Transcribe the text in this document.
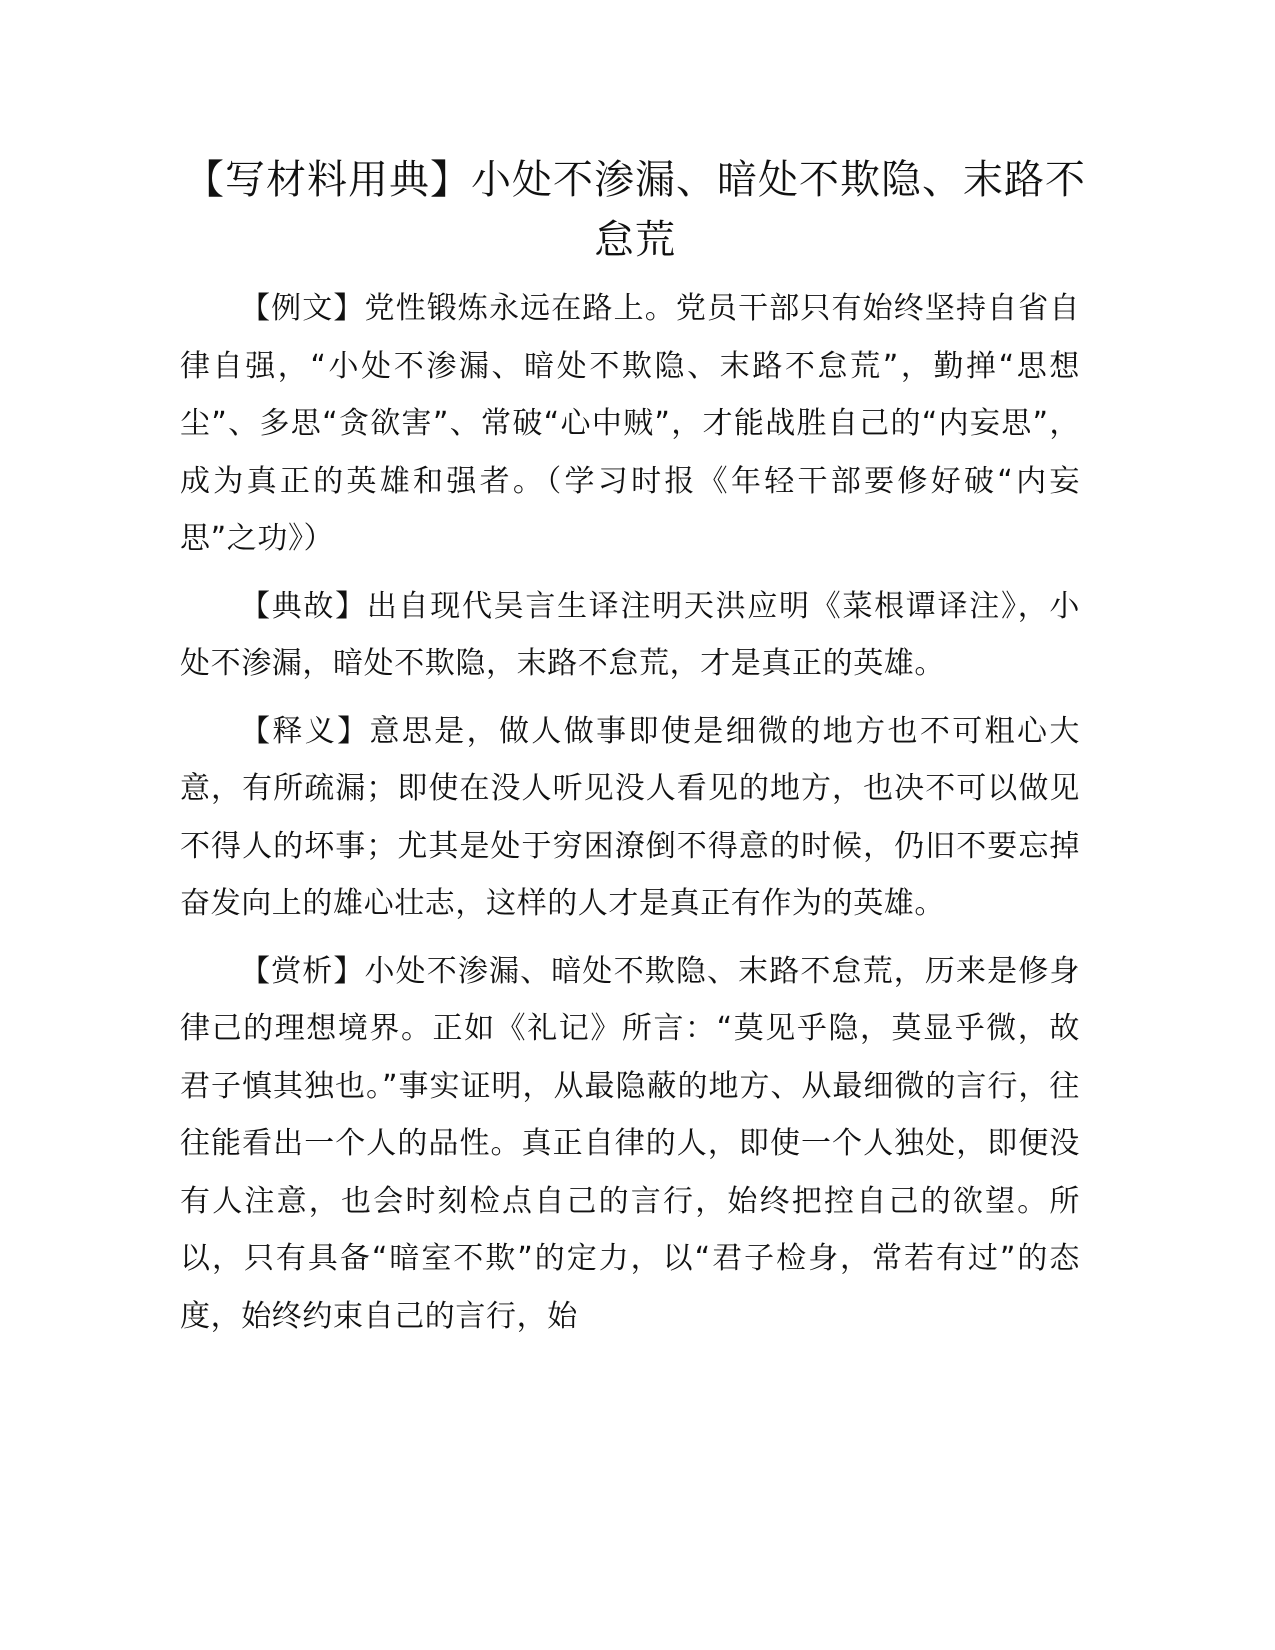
【写材料用典】小处不渗漏、暗处不欺隐、末路不怠荒

【例文】党性锻炼永远在路上。党员干部只有始终坚持自省自律自强，“小处不渗漏、暗处不欺隐、末路不怠荒”，勤掸“思想尘”、多思“贪欲害”、常破“心中贼”，才能战胜自己的“内妄思”，成为真正的英雄和强者。（学习时报《年轻干部要修好破“内妄思”之功》）

【典故】出自现代吴言生译注明天洪应明《菜根谭译注》，小处不渗漏，暗处不欺隐，末路不怠荒，才是真正的英雄。

【释义】意思是，做人做事即使是细微的地方也不可粗心大意，有所疏漏；即使在没人听见没人看见的地方，也决不可以做见不得人的坏事；尤其是处于穷困潦倒不得意的时候，仍旧不要忘掉奋发向上的雄心壮志，这样的人才是真正有作为的英雄。

【赏析】小处不渗漏、暗处不欺隐、末路不怠荒，历来是修身律己的理想境界。正如《礼记》所言：“莫见乎隐，莫显乎微，故君子慎其独也。”事实证明，从最隐蔽的地方、从最细微的言行，往往能看出一个人的品性。真正自律的人，即使一个人独处，即便没有人注意，也会时刻检点自己的言行，始终把控自己的欲望。所以，只有具备“暗室不欺”的定力，以“君子检身，常若有过”的态度，始终约束自己的言行，始
